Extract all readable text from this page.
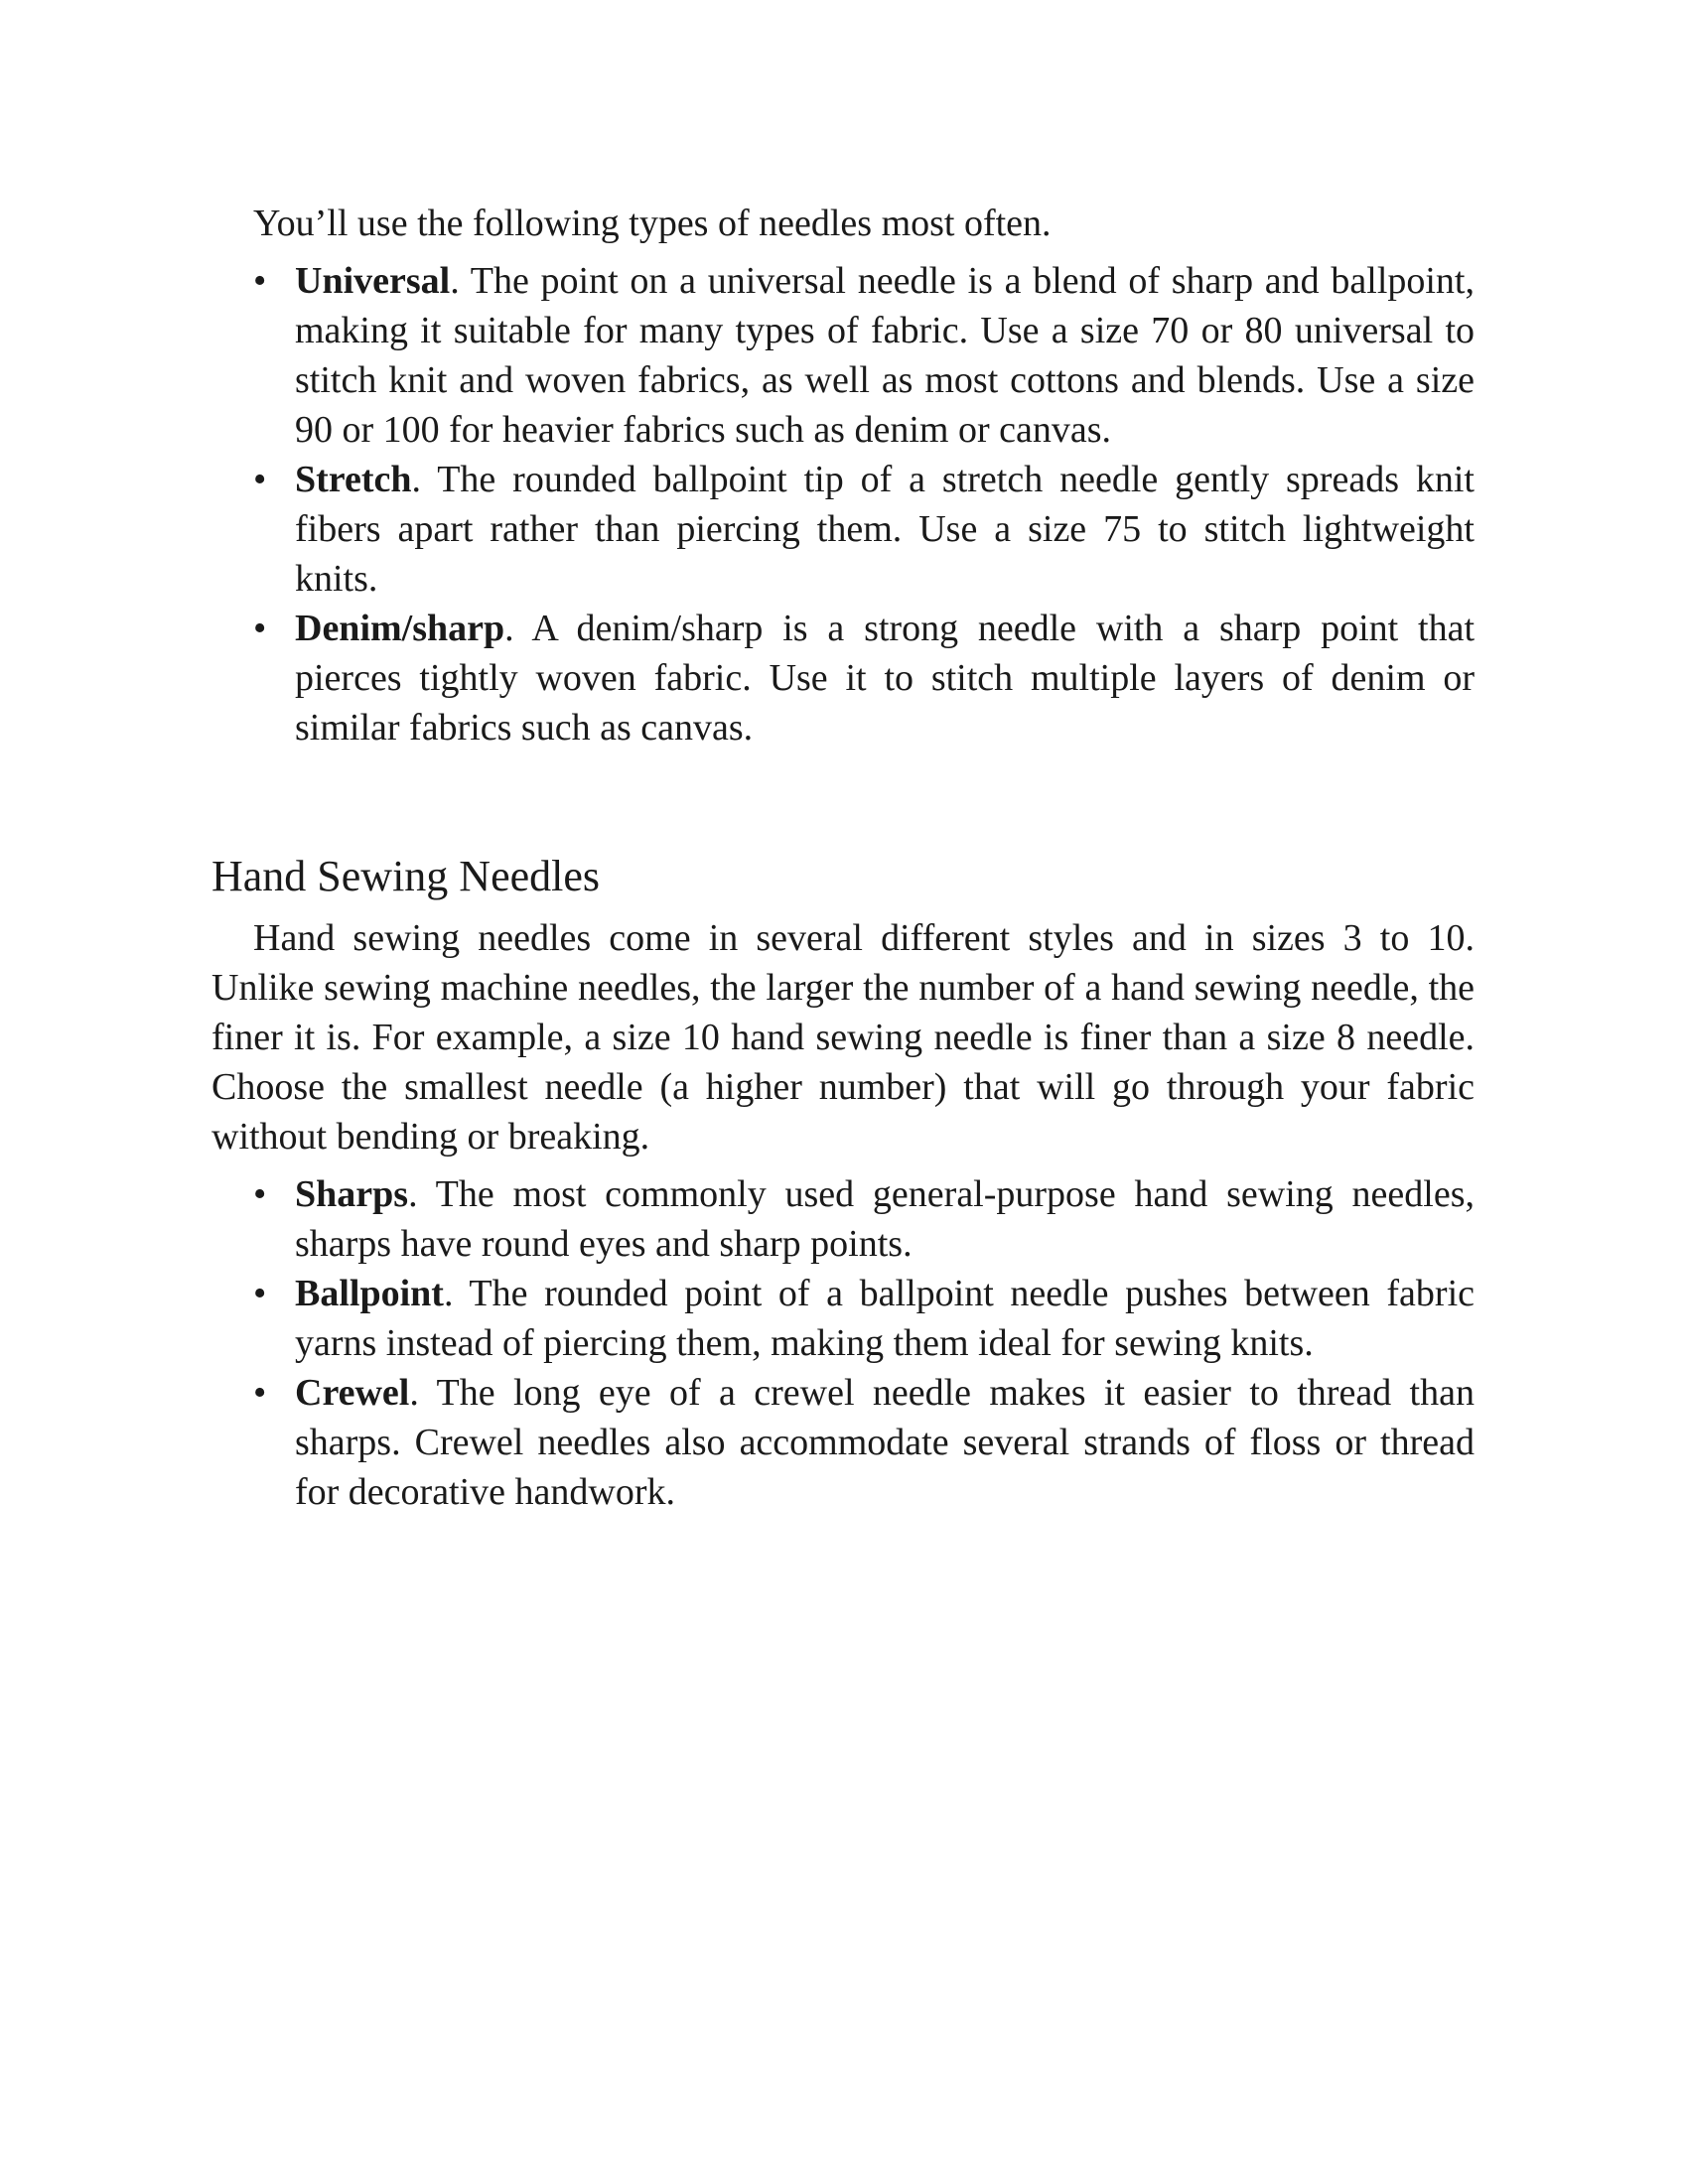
You’ll use the following types of needles most often.

• Universal. The point on a universal needle is a blend of sharp and ballpoint, making it suitable for many types of fabric. Use a size 70 or 80 universal to stitch knit and woven fabrics, as well as most cottons and blends. Use a size 90 or 100 for heavier fabrics such as denim or canvas.
• Stretch. The rounded ballpoint tip of a stretch needle gently spreads knit fibers apart rather than piercing them. Use a size 75 to stitch lightweight knits.
• Denim/sharp. A denim/sharp is a strong needle with a sharp point that pierces tightly woven fabric. Use it to stitch multiple layers of denim or similar fabrics such as canvas.
Hand Sewing Needles

Hand sewing needles come in several different styles and in sizes 3 to 10. Unlike sewing machine needles, the larger the number of a hand sewing needle, the finer it is. For example, a size 10 hand sewing needle is finer than a size 8 needle. Choose the smallest needle (a higher number) that will go through your fabric without bending or breaking.

• Sharps. The most commonly used general-purpose hand sewing needles, sharps have round eyes and sharp points.
• Ballpoint. The rounded point of a ballpoint needle pushes between fabric yarns instead of piercing them, making them ideal for sewing knits.
• Crewel. The long eye of a crewel needle makes it easier to thread than sharps. Crewel needles also accommodate several strands of floss or thread for decorative handwork.
